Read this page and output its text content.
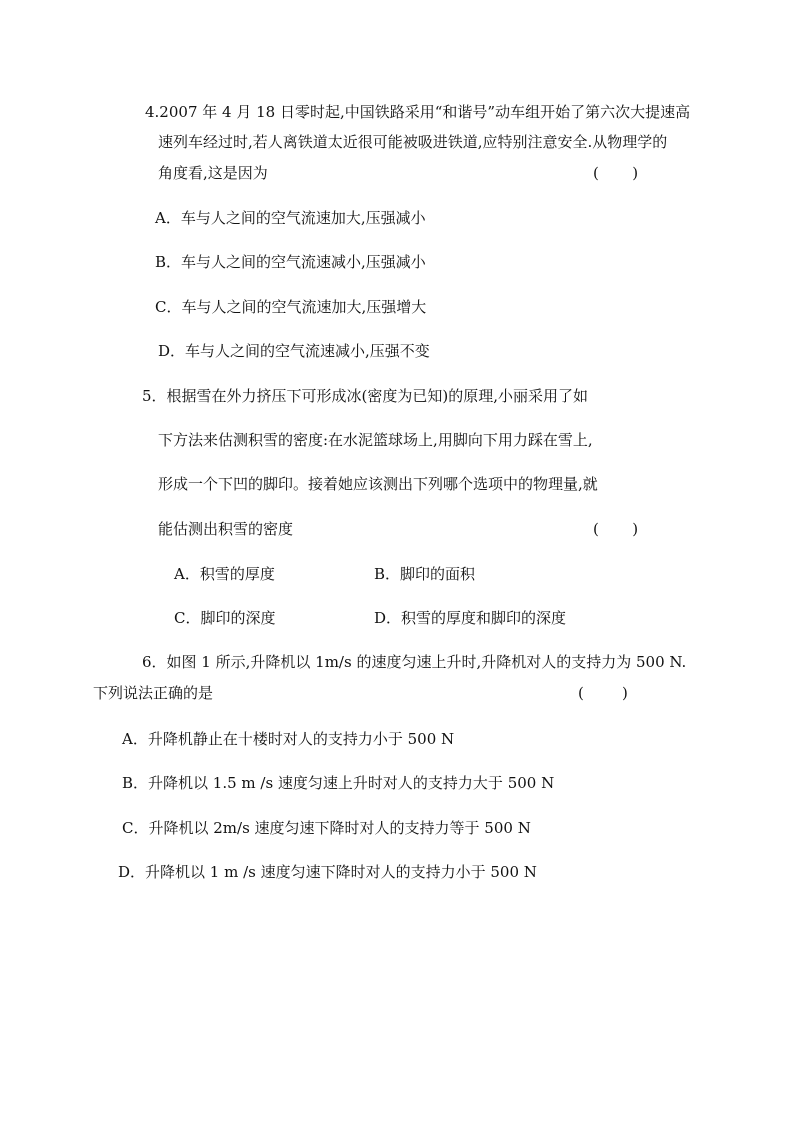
4.2007 年 4 月 18 日零时起,中国铁路采用“和谐号”动车组开始了第六次大提速高
速列车经过时,若人离铁道太近很可能被吸进铁道,应特别注意安全.从物理学的
角度看,这是因为	(       )
A．车与人之间的空气流速加大,压强减小
B．车与人之间的空气流速减小,压强减小
C．车与人之间的空气流速加大,压强增大
D．车与人之间的空气流速减小,压强不变
5．根据雪在外力挤压下可形成冰(密度为已知)的原理,小丽采用了如
下方法来估测积雪的密度:在水泥篮球场上,用脚向下用力踩在雪上,
形成一个下凹的脚印。接着她应该测出下列哪个选项中的物理量,就
能估测出积雪的密度	(       )
A．积雪的厚度	B．脚印的面积
C．脚印的深度	D．积雪的厚度和脚印的深度
6．如图 1 所示,升降机以 1m/s 的速度匀速上升时,升降机对人的支持力为 500 N.
下列说法正确的是	(        )
A．升降机静止在十楼时对人的支持力小于 500 N
B．升降机以 1.5 m /s 速度匀速上升时对人的支持力大于 500 N
C．升降机以 2m/s 速度匀速下降时对人的支持力等于 500 N
D．升降机以 1 m /s 速度匀速下降时对人的支持力小于 500 N
